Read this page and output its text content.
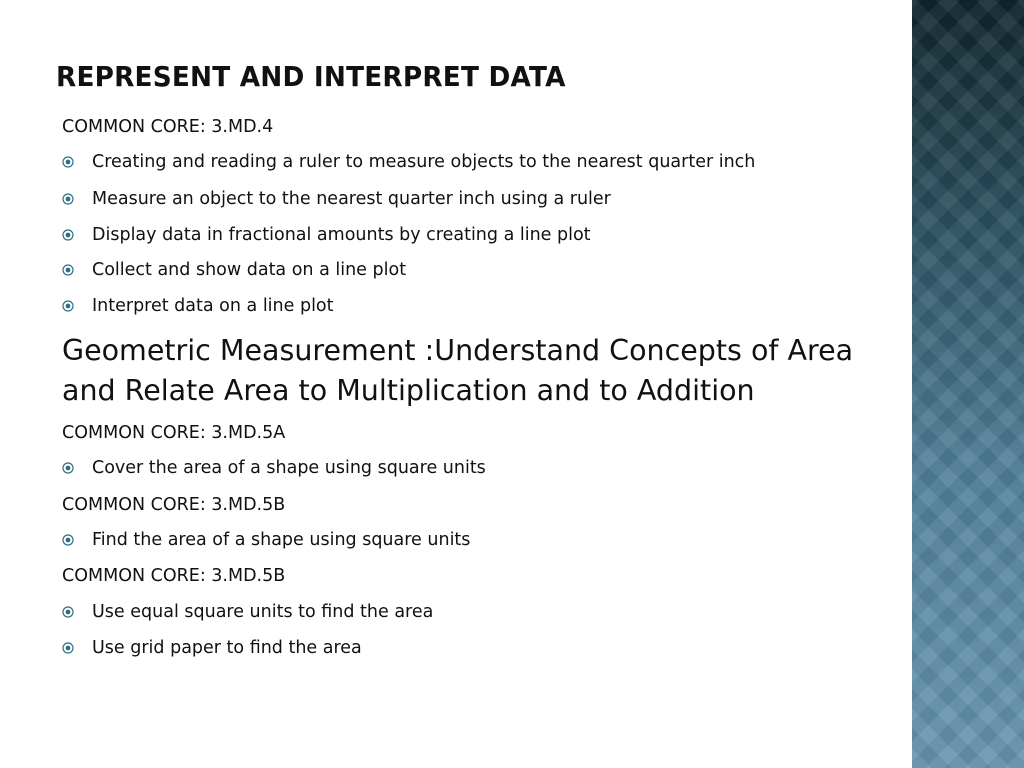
REPRESENT AND INTERPRET DATA
COMMON CORE: 3.MD.4
Creating and reading a ruler to measure objects to the nearest quarter inch
Measure an object to the nearest quarter inch using a ruler
Display data in fractional amounts by creating a line plot
Collect and show data on a line plot
Interpret data on a line plot
Geometric Measurement :Understand Concepts of Area
and Relate Area to Multiplication and to Addition
COMMON CORE: 3.MD.5A
Cover the area of a shape using square units
COMMON CORE: 3.MD.5B
Find the area of a shape using square units
COMMON CORE: 3.MD.5B
Use equal square units to find the area
Use grid paper to find the area
